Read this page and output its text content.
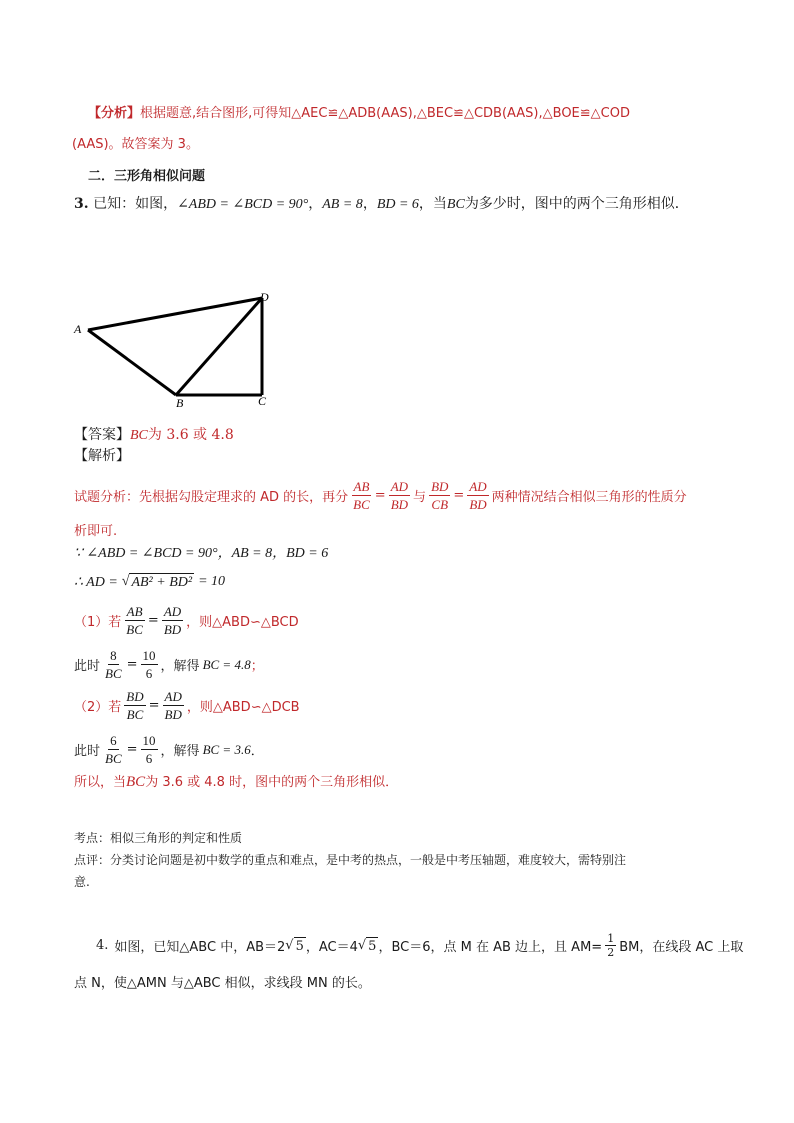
【分析】根据题意,结合图形,可得知△AEC≌△ADB(AAS),△BEC≌△CDB(AAS),△BOE≌△COD
(AAS)。故答案为 3。
二．三形角相似问题
3. 已知：如图，∠ABD = ∠BCD = 90°，AB = 8，BD = 6，当BC为多少时，图中的两个三角形相似．
A
B	C
D
【答案】BC为 3.6 或 4.8
【解析】
试题分析：先根据勾股定理求的 AD 的长，再分 $\frac{AB}{BC} = \frac{AD}{BD}$ 与 $\frac{BD}{CB} = \frac{AD}{BD}$ 两种情况结合相似三角形的性质分
析即可.
∵ ∠ABD = ∠BCD = 90°，AB = 8，BD = 6
∴ AD = √ AB² + BD² = 10
（1）若 $\frac{AB}{BC} = \frac{AD}{BD}$ ，则△ABD∽△BCD
此时 $\frac{8}{BC} = \frac{10}{6}$ ，解得 BC = 4.8 ；
（2）若 $\frac{BD}{BC} = \frac{AD}{BD}$ ，则△ABD∽△DCB
此时 $\frac{6}{BC} = \frac{10}{6}$ ，解得 BC = 3.6 ．
所以，当BC为 3.6 或 4.8 时，图中的两个三角形相似．
考点：相似三角形的判定和性质
点评：分类讨论问题是初中数学的重点和难点，是中考的热点，一般是中考压轴题，难度较大，需特别注
意.
4. 如图，已知△ABC 中，AB＝2 √ 5 ，AC＝4 √ 5 ，BC＝6，点 M 在 AB 边上，且 $AM= \frac{1}{2}$ BM，在线段 AC 上取
点 N，使△AMN 与△ABC 相似，求线段 MN 的长。
